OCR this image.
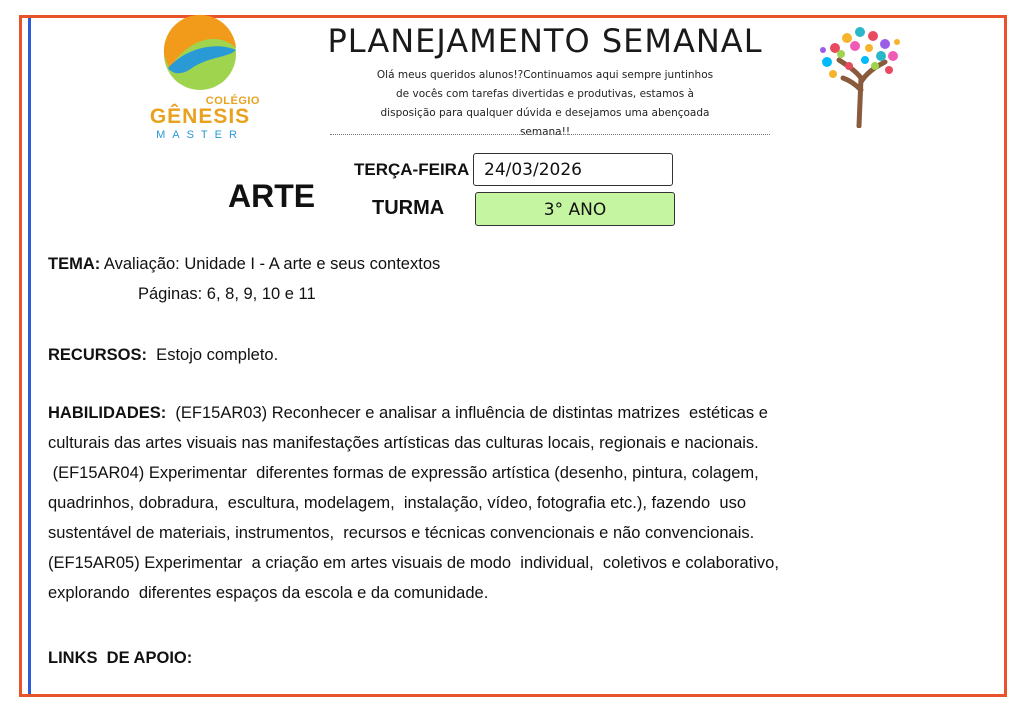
COLÉGIO
GÊNESIS
MASTER
PLANEJAMENTO SEMANAL
Olá meus queridos alunos!?Continuamos aqui sempre juntinhos
de vocês com tarefas divertidas e produtivas, estamos à
disposição para qualquer dúvida e desejamos uma abençoada
semana!!
ARTE
TERÇA-FEIRA 24/03/2026
TURMA	3° ANO
TEMA: Avaliação: Unidade I - A arte e seus contextos
Páginas: 6, 8, 9, 10 e 11
RECURSOS:  Estojo completo.
HABILIDADES:  (EF15AR03) Reconhecer e analisar a influência de distintas matrizes  estéticas e
culturais das artes visuais nas manifestações artísticas das culturas locais, regionais e nacionais.
(EF15AR04) Experimentar  diferentes formas de expressão artística (desenho, pintura, colagem,
quadrinhos, dobradura,  escultura, modelagem,  instalação, vídeo, fotografia etc.), fazendo  uso
sustentável de materiais, instrumentos,  recursos e técnicas convencionais e não convencionais.
(EF15AR05) Experimentar  a criação em artes visuais de modo  individual,  coletivos e colaborativo,
explorando  diferentes espaços da escola e da comunidade.
LINKS  DE APOIO:
